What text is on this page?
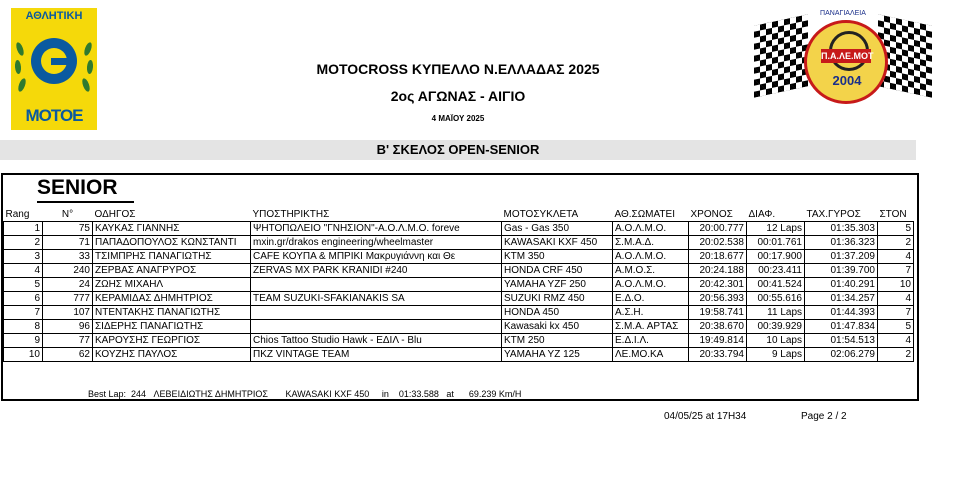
ΑΘΛΗΤΙΚΗ
ΜΟΤΟΕ
Π.Α.ΛΕ.ΜΟΤ
2004
ΠΑΝΑΓΙΑΛΕΙΑ
MOTOCROSS ΚΥΠΕΛΛΟ Ν.ΕΛΛΑΔΑΣ 2025
2ος ΑΓΩΝΑΣ - ΑΙΓΙΟ
4 ΜΑΪΟΥ 2025
Β' ΣΚΕΛΟΣ OPEN-SENIOR
SENIOR
Rang	N°	ΟΔΗΓΟΣ	ΥΠΟΣΤΗΡΙΚΤΗΣ	ΜΟΤΟΣΥΚΛΕΤΑ	ΑΘ.ΣΩΜΑΤΕΙ	ΧΡΟΝΟΣ	ΔΙΑΦ.	ΤΑΧ.ΓΥΡΟΣ	ΣΤΟΝ
1	75	ΚΑΥΚΑΣ ΓΙΑΝΝΗΣ	ΨΗΤΟΠΩΛΕΙΟ "ΓΝΗΣΙΟΝ"-Α.Ο.Λ.Μ.Ο. foreve	Gas - Gas 350	Α.Ο.Λ.Μ.Ο.	20:00.777	12 Laps	01:35.303	5
2	71	ΠΑΠΑΔΟΠΟΥΛΟΣ ΚΩΝΣΤΑΝΤΙ	mxin.gr/drakos engineering/wheelmaster	KAWASAKI KXF 450	Σ.Μ.Α.Δ.	20:02.538	00:01.761	01:36.323	2
3	33	ΤΣΙΜΠΡΗΣ ΠΑΝΑΓΙΩΤΗΣ	CAFE ΚΟΥΠΑ & ΜΠΡΙΚΙ Μακρυγιάννη και Θε	KTM 350	Α.Ο.Λ.Μ.Ο.	20:18.677	00:17.900	01:37.209	4
4	240	ΖΕΡΒΑΣ ΑΝΑΓΡΥΡΟΣ	ZERVAS MX PARK KRANIDI #240	HONDA CRF 450	Α.Μ.Ο.Σ.	20:24.188	00:23.411	01:39.700	7
5	24	ΖΩΗΣ ΜΙΧΑΗΛ		YAMAHA YZF 250	Α.Ο.Λ.Μ.Ο.	20:42.301	00:41.524	01:40.291	10
6	777	ΚΕΡΑΜΙΔΑΣ ΔΗΜΗΤΡΙΟΣ	TEAM SUZUKI-SFAKIANAKIS SA	SUZUKI RMZ 450	Ε.Δ.Ο.	20:56.393	00:55.616	01:34.257	4
7	107	ΝΤΕΝΤΑΚΗΣ ΠΑΝΑΓΙΩΤΗΣ		HONDA 450	Α.Σ.Η.	19:58.741	11 Laps	01:44.393	7
8	96	ΣΙΔΕΡΗΣ ΠΑΝΑΓΙΩΤΗΣ		Kawasaki kx 450	Σ.Μ.Α. ΑΡΤΑΣ	20:38.670	00:39.929	01:47.834	5
9	77	ΚΑΡΟΥΣΗΣ ΓΕΩΡΓΙΟΣ	Chios Tattoo Studio Hawk - ΕΔΙΛ - Blu	KTM 250	Ε.Δ.Ι.Λ.	19:49.814	10 Laps	01:54.513	4
10	62	ΚΟΥΖΗΣ ΠΑΥΛΟΣ	ΠΚΖ VINTAGE TEAM	YAMAHA YZ 125	ΛΕ.ΜΟ.ΚΑ	20:33.794	9 Laps	02:06.279	2
Best Lap:  244   ΛΕΒΕΙΔΙΩΤΗΣ ΔΗΜΗΤΡΙΟΣ       KAWASAKI KXF 450     in    01:33.588   at      69.239 Km/H
04/05/25 at 17H34	Page 2 / 2
